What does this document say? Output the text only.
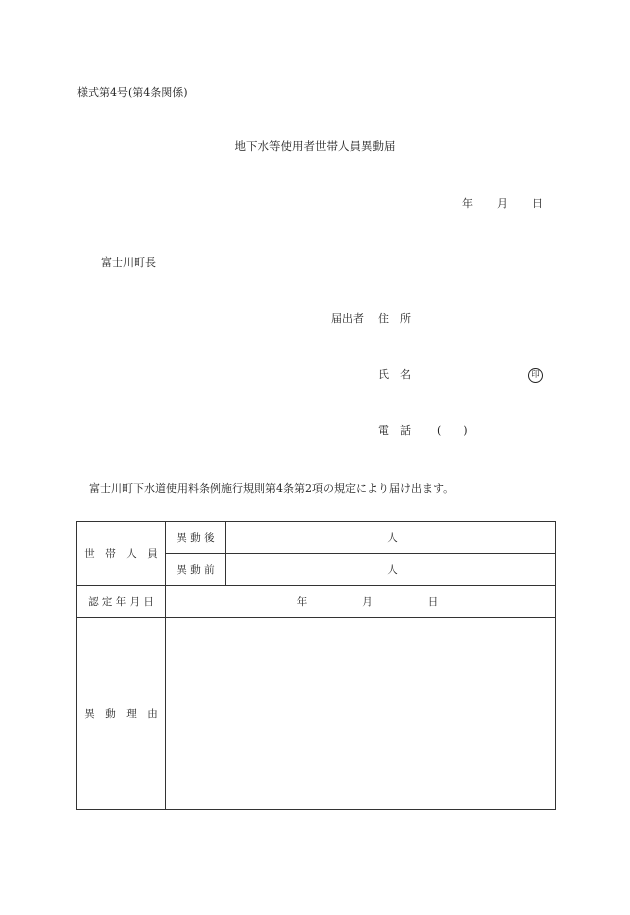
様式第4号(第4条関係)
地下水等使用者世帯人員異動届
年 月 日
富士川町長
届出者 住　所
氏　名	印
電　話 (　　)
富士川町下水道使用料条例施行規則第4条第2項の規定により届け出ます。
世　帯　人　員	異 動 後	人
	異 動 前	人
認 定 年 月 日	年 月 日	
異　動　理　由		
